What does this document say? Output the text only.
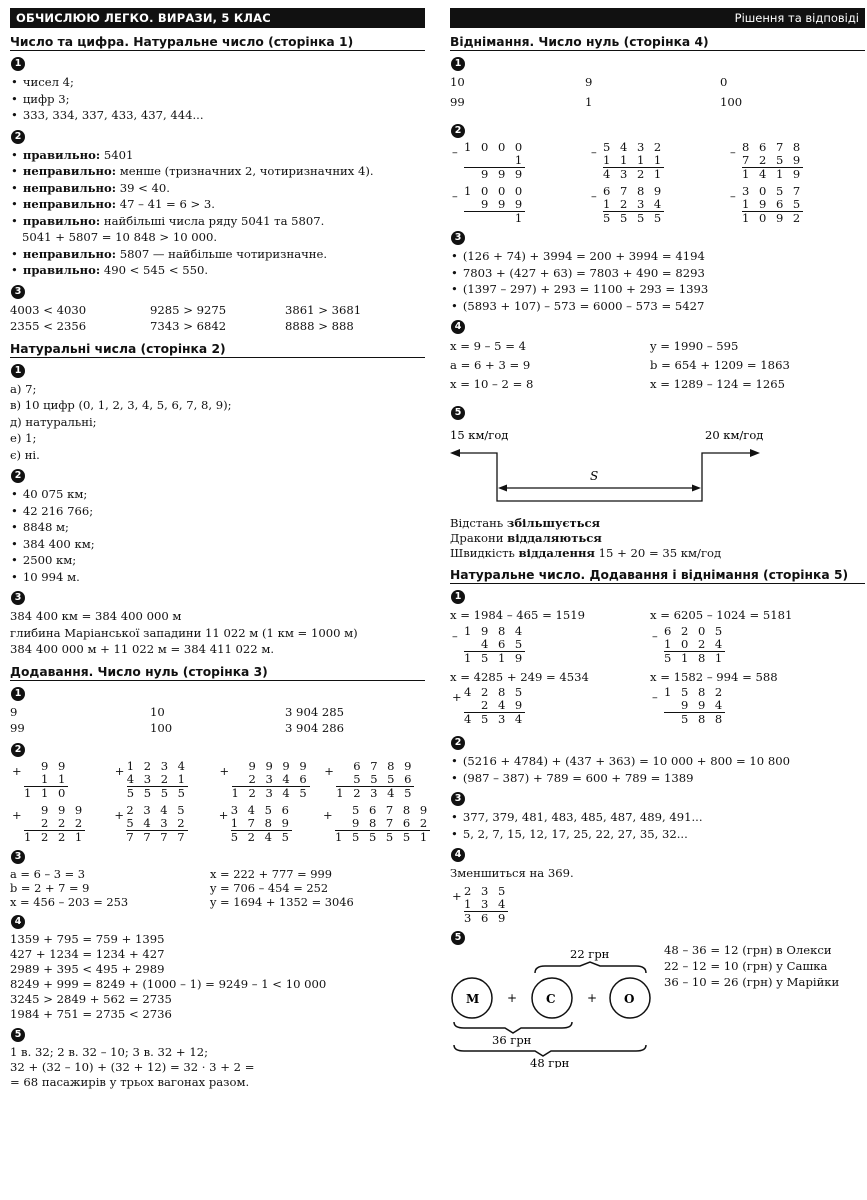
ОБЧИСЛЮЮ ЛЕГКО. ВИРАЗИ, 5 КЛАС
Число та цифра. Натуральне число (сторінка 1)
1
• чисел 4;
• цифр 3;
• 333, 334, 337, 433, 437, 444...
2
• правильно: 5401
• неправильно: менше (тризначних 2, чотиризначних 4).
• неправильно: 39 < 40.
• неправильно: 47 – 41 = 6 > 3.
• правильно: найбільші числа ряду 5041 та 5807.
5041 + 5807 = 10 848 > 10 000.
• неправильно: 5807 — найбільше чотиризначне.
• правильно: 490 < 545 < 550.
3
4003 < 4030	9285 > 9275	3861 > 3681
2355 < 2356	7343 > 6842	8888 > 888
Натуральні числа (сторінка 2)
1
а) 7;
в) 10 цифр (0, 1, 2, 3, 4, 5, 6, 7, 8, 9);
д) натуральні;
е) 1;
є) ні.
2
• 40 075 км;
• 42 216 766;
• 8848 м;
• 384 400 км;
• 2500 км;
• 10 994 м.
3
384 400 км = 384 400 000 м
глибина Маріанської западини 11 022 м (1 км = 1000 м)
384 400 000 м + 11 022 м = 384 411 022 м.
Додавання. Число нуль (сторінка 3)
1
9	10	3 904 285
99	100	3 904 286
2
+	9 9
1 1
1 1 0
+ 1 2 3 4
4 3 2 1
5 5 5 5
+	9 9 9 9
2 3 4 6
1 2 3 4 5
+	6 7 8 9
5 5 5 6
1 2 3 4 5
+	9 9 9
2 2 2
1 2 2 1
+ 2 3 4 5
5 4 3 2
7 7 7 7
+ 3 4 5 6
1 7 8 9
5 2 4 5
+	5 6 7 8 9
9 8 7 6 2
1 5 5 5 5 1
3
a = 6 – 3 = 3	x = 222 + 777 = 999
b = 2 + 7 = 9	y = 706 – 454 = 252
x = 456 – 203 = 253	y = 1694 + 1352 = 3046
4
1359 + 795 = 759 + 1395
427 + 1234 = 1234 + 427
2989 + 395 < 495 + 2989
8249 + 999 = 8249 + (1000 – 1) = 9249 – 1 < 10 000
3245 > 2849 + 562 = 2735
1984 + 751 = 2735 < 2736
5
1 в. 32; 2 в. 32 – 10; 3 в. 32 + 12;
32 + (32 – 10) + (32 + 12) = 32 · 3 + 2 =
= 68 пасажирів у трьох вагонах разом.
Рішення та відповіді
Віднімання. Число нуль (сторінка 4)
1
10	9	0
99	1	100
2
– 1 0 0 0
1
9 9 9
– 5 4 3 2
1 1 1 1
4 3 2 1
– 8 6 7 8
7 2 5 9
1 4 1 9
– 1 0 0 0
9 9 9
1
– 6 7 8 9
1 2 3 4
5 5 5 5
– 3 0 5 7
1 9 6 5
1 0 9 2
3
• (126 + 74) + 3994 = 200 + 3994 = 4194
• 7803 + (427 + 63) = 7803 + 490 = 8293
• (1397 – 297) + 293 = 1100 + 293 = 1393
• (5893 + 107) – 573 = 6000 – 573 = 5427
4
x = 9 – 5 = 4	y = 1990 – 595
a = 6 + 3 = 9	b = 654 + 1209 = 1863
x = 10 – 2 = 8	x = 1289 – 124 = 1265
5
15 км/год	20 км/год
S
Відстань збільшується
Дракони віддаляються
Швидкість віддалення 15 + 20 = 35 км/год
Натуральне число. Додавання і віднімання (сторінка 5)
1
x = 1984 – 465 = 1519	x = 6205 – 1024 = 5181
– 1 9 8 4
4 6 5
1 5 1 9
– 6 2 0 5
1 0 2 4
5 1 8 1
x = 4285 + 249 = 4534	x = 1582 – 994 = 588
+ 4 2 8 5
2 4 9
4 5 3 4
– 1 5 8 2
9 9 4
5 8 8
2
• (5216 + 4784) + (437 + 363) = 10 000 + 800 = 10 800
• (987 – 387) + 789 = 600 + 789 = 1389
3
• 377, 379, 481, 483, 485, 487, 489, 491...
• 5, 2, 7, 15, 12, 17, 25, 22, 27, 35, 32...
4
Зменшиться на 369.
+ 2 3 5
1 3 4
3 6 9
5
М	С	О
+	+
22 грн
36 грн
48 грн
48 – 36 = 12 (грн) в Олекси
22 – 12 = 10 (грн) у Сашка
36 – 10 = 26 (грн) у Марійки
